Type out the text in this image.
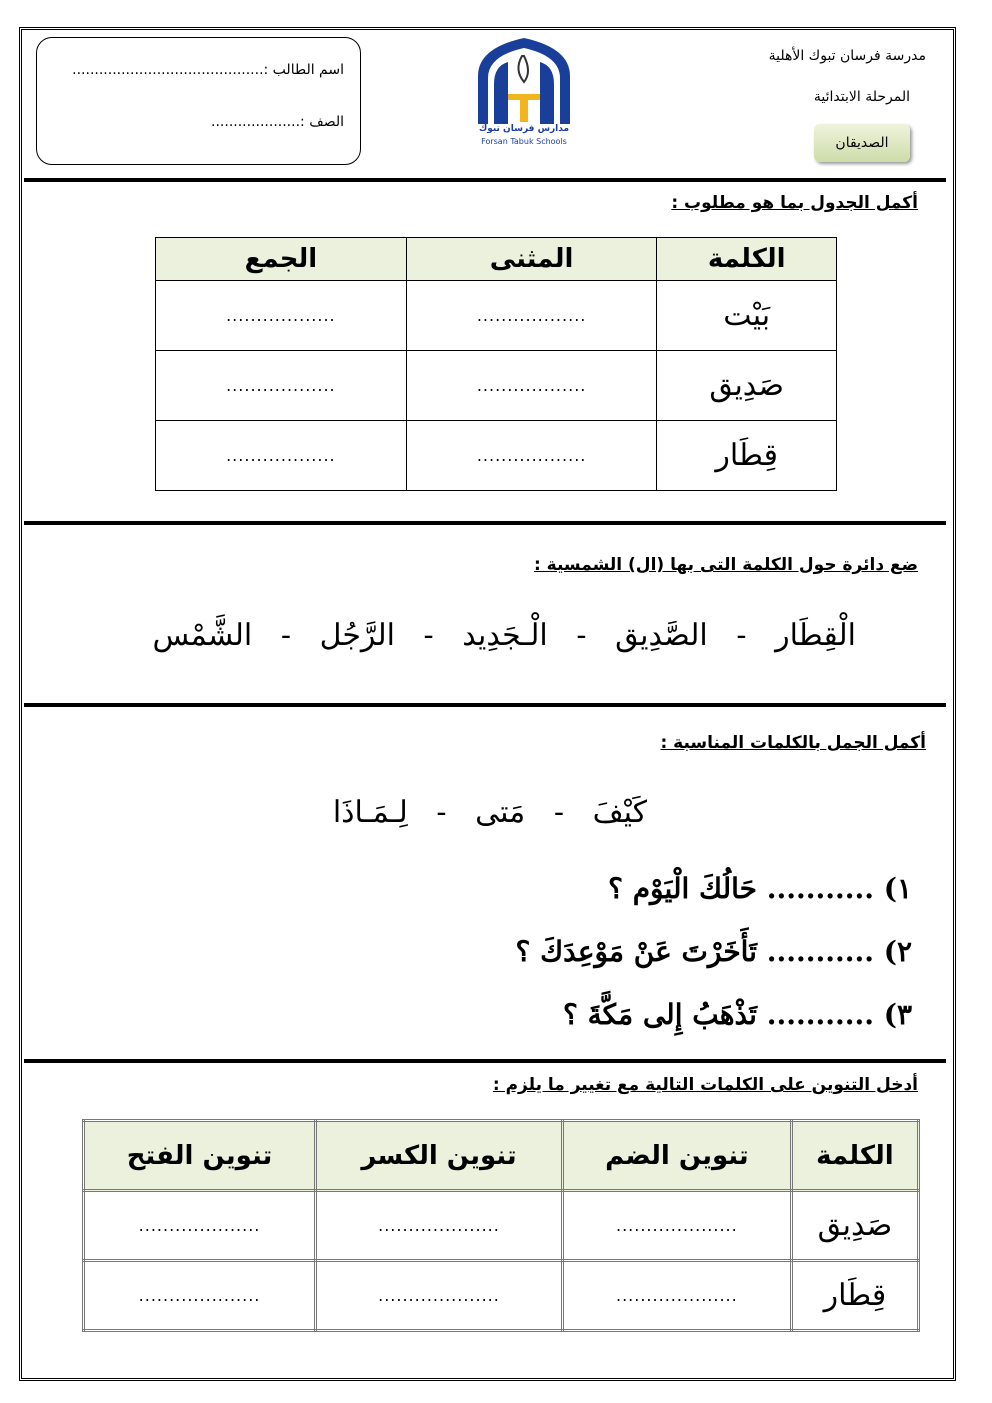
اسم الطالب :...........................................
الصف :....................	مدارس فرسان تبوك
Forsan Tabuk Schools
مدرسة فرسان تبوك الأهلية
المرحلة الابتدائية
الصديقان
أكمل الجدول بما هو مطلوب :
الكلمة	المثنى	الجمع
بَيْت	..................	..................
صَدِيق	..................	..................
قِطَار	..................	..................
ضع دائرة حول الكلمة التى بها (ال) الشمسية :
الْقِطَار   -   الصَّدِيق   -   الْـجَدِيد   -   الرَّجُل   -   الشَّمْس
أكمل الجمل بالكلمات المناسبة :
كَيْفَ   -   مَتى   -   لِـمَـاذَا
١) ........... حَالُكَ الْيَوْم ؟
٢) ........... تَأَخَرْتَ عَنْ مَوْعِدَكَ ؟
٣) ........... تَذْهَبُ إِلى مَكَّةَ ؟
أدخل التنوين على الكلمات التالية مع تغيير ما يلزم :
الكلمة	تنوين الضم	تنوين الكسر	تنوين الفتح
صَدِيق	....................	....................	....................
قِطَار	....................	....................	....................
